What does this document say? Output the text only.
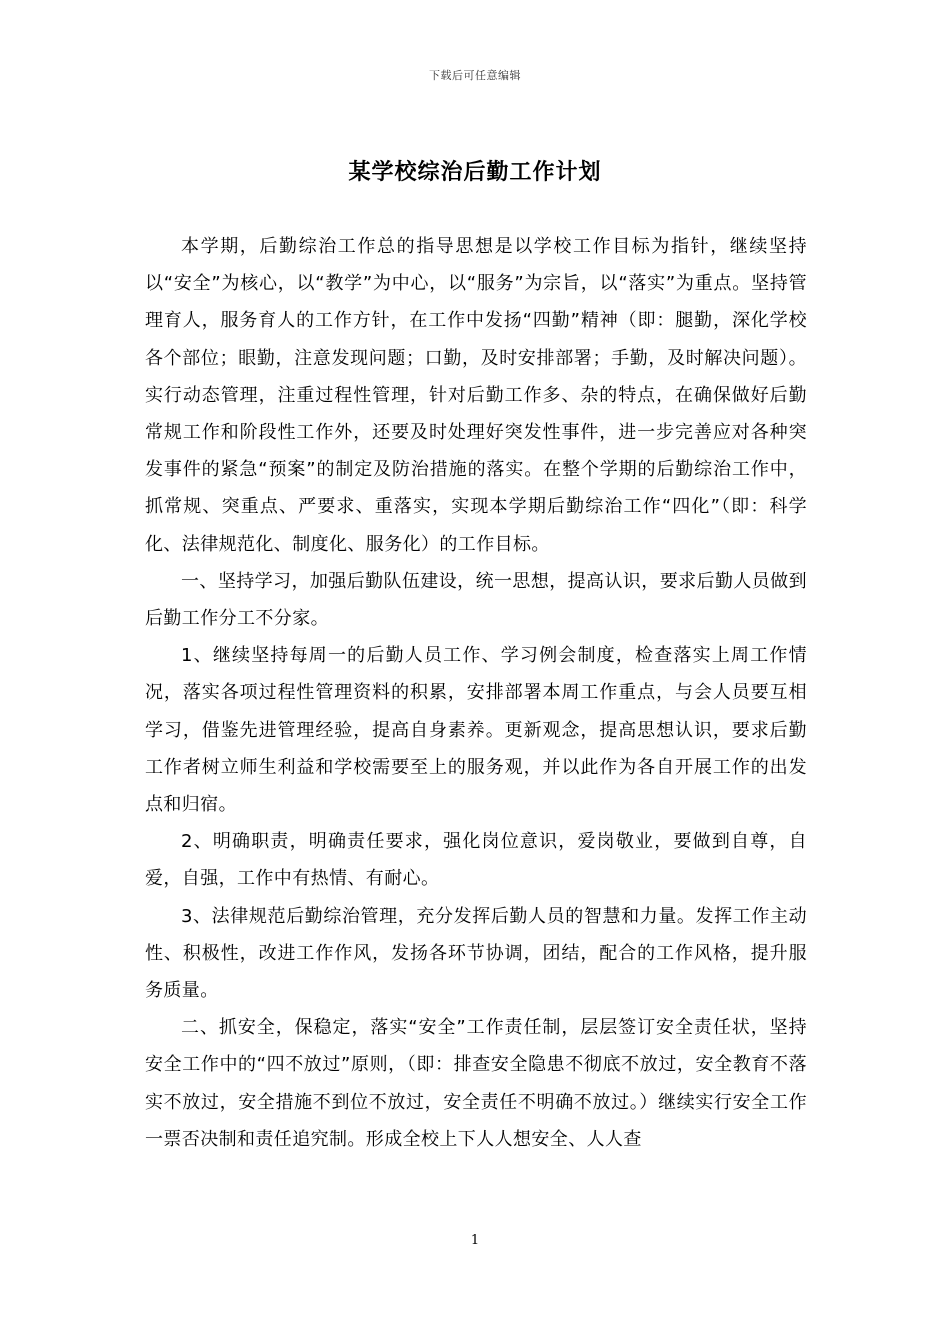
下载后可任意编辑
某学校综治后勤工作计划

本学期，后勤综治工作总的指导思想是以学校工作目标为指针，继续坚持以“安全”为核心，以“教学”为中心，以“服务”为宗旨，以“落实”为重点。坚持管理育人，服务育人的工作方针，在工作中发扬“四勤”精神（即：腿勤，深化学校各个部位；眼勤，注意发现问题；口勤，及时安排部署；手勤，及时解决问题）。实行动态管理，注重过程性管理，针对后勤工作多、杂的特点，在确保做好后勤常规工作和阶段性工作外，还要及时处理好突发性事件，进一步完善应对各种突发事件的紧急“预案”的制定及防治措施的落实。在整个学期的后勤综治工作中，抓常规、突重点、严要求、重落实，实现本学期后勤综治工作“四化”（即：科学化、法律规范化、制度化、服务化）的工作目标。

一、坚持学习，加强后勤队伍建设，统一思想，提高认识，要求后勤人员做到后勤工作分工不分家。

1、继续坚持每周一的后勤人员工作、学习例会制度，检查落实上周工作情况，落实各项过程性管理资料的积累，安排部署本周工作重点，与会人员要互相学习，借鉴先进管理经验，提高自身素养。更新观念，提高思想认识，要求后勤工作者树立师生利益和学校需要至上的服务观，并以此作为各自开展工作的出发点和归宿。

2、明确职责，明确责任要求，强化岗位意识，爱岗敬业，要做到自尊，自爱，自强，工作中有热情、有耐心。

3、法律规范后勤综治管理，充分发挥后勤人员的智慧和力量。发挥工作主动性、积极性，改进工作作风，发扬各环节协调，团结，配合的工作风格，提升服务质量。

二、抓安全，保稳定，落实“安全”工作责任制，层层签订安全责任状，坚持安全工作中的“四不放过”原则，（即：排查安全隐患不彻底不放过，安全教育不落实不放过，安全措施不到位不放过，安全责任不明确不放过。）继续实行安全工作一票否决制和责任追究制。形成全校上下人人想安全、人人查

1
